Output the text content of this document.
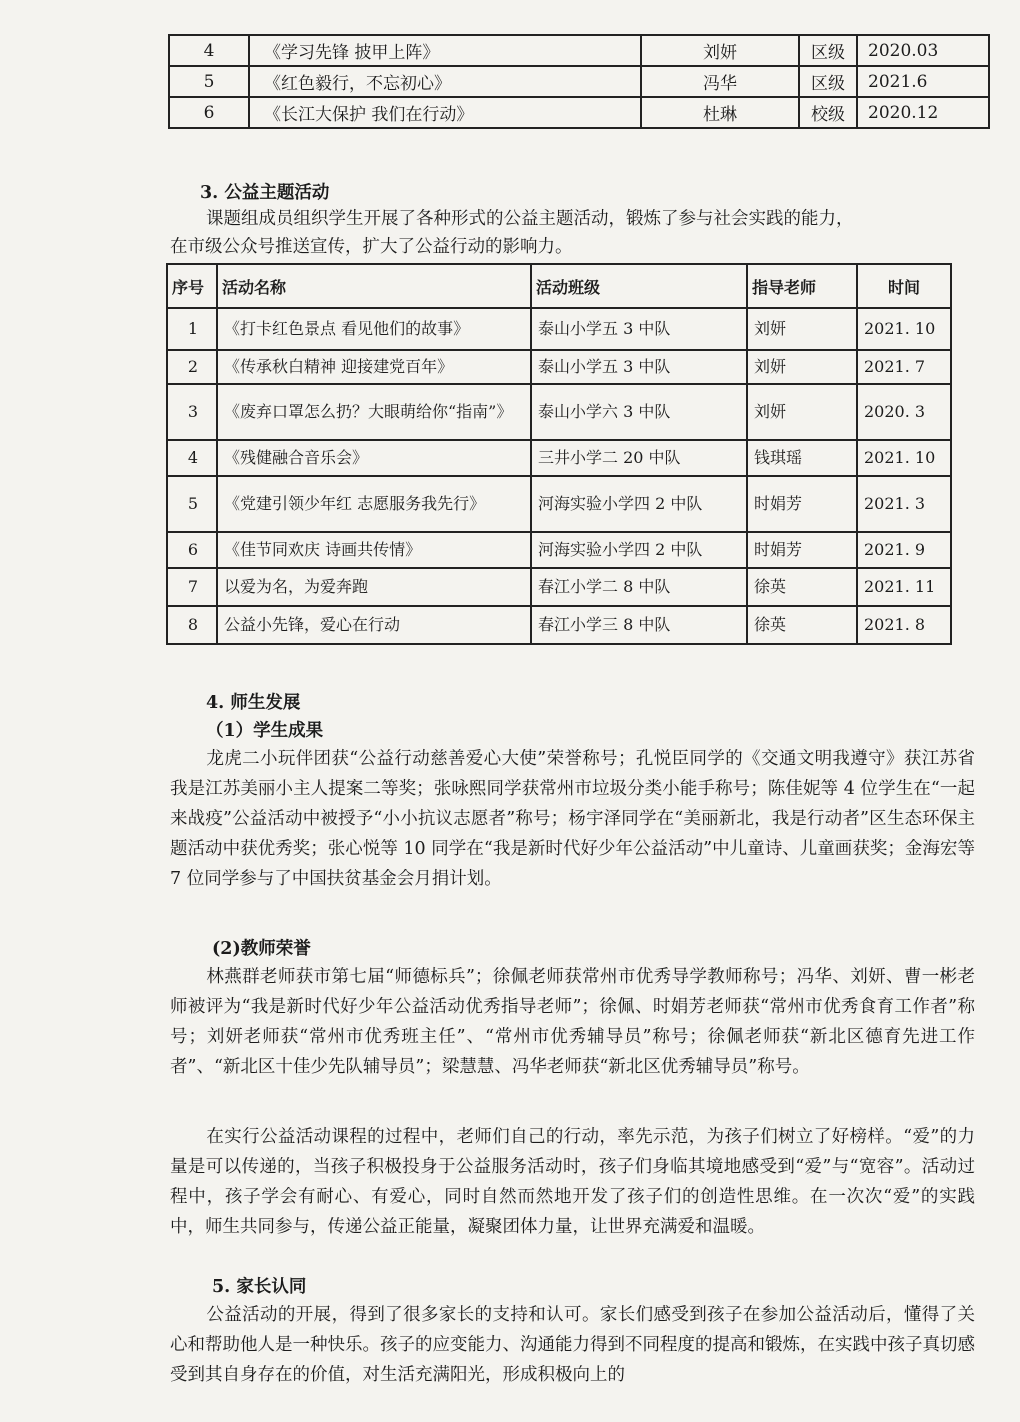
4	《学习先锋 披甲上阵》	刘妍	区级	2020.03
5	《红色毅行，不忘初心》	冯华	区级	2021.6
6	《长江大保护 我们在行动》	杜琳	校级	2020.12
3. 公益主题活动
课题组成员组织学生开展了各种形式的公益主题活动，锻炼了参与社会实践的能力，
在市级公众号推送宣传，扩大了公益行动的影响力。
序号	活动名称	活动班级	指导老师	时间
1	《打卡红色景点 看见他们的故事》	泰山小学五 3 中队	刘妍	2021. 10
2	《传承秋白精神 迎接建党百年》	泰山小学五 3 中队	刘妍	2021. 7
3	《废弃口罩怎么扔？大眼萌给你“指南”》	泰山小学六 3 中队	刘妍	2020. 3
4	《残健融合音乐会》	三井小学二 20 中队	钱琪瑶	2021. 10
5	《党建引领少年红 志愿服务我先行》	河海实验小学四 2 中队	时娟芳	2021. 3
6	《佳节同欢庆 诗画共传情》	河海实验小学四 2 中队	时娟芳	2021. 9
7	以爱为名，为爱奔跑	春江小学二 8 中队	徐英	2021. 11
8	公益小先锋，爱心在行动	春江小学三 8 中队	徐英	2021. 8
4. 师生发展
（1）学生成果
龙虎二小玩伴团获“公益行动慈善爱心大使”荣誉称号；孔悦臣同学的《交通文明我遵守》获江苏省我是江苏美丽小主人提案二等奖；张咏熙同学获常州市垃圾分类小能手称号；陈佳妮等 4 位学生在“一起来战疫”公益活动中被授予“小小抗议志愿者”称号；杨宇泽同学在“美丽新北，我是行动者”区生态环保主题活动中获优秀奖；张心悦等 10 同学在“我是新时代好少年公益活动”中儿童诗、儿童画获奖；金海宏等 7 位同学参与了中国扶贫基金会月捐计划。
(2)教师荣誉
林燕群老师获市第七届“师德标兵”；徐佩老师获常州市优秀导学教师称号；冯华、刘妍、曹一彬老师被评为“我是新时代好少年公益活动优秀指导老师”；徐佩、时娟芳老师获“常州市优秀食育工作者”称号；刘妍老师获“常州市优秀班主任”、“常州市优秀辅导员”称号；徐佩老师获“新北区德育先进工作者”、“新北区十佳少先队辅导员”；梁慧慧、冯华老师获“新北区优秀辅导员”称号。
在实行公益活动课程的过程中，老师们自己的行动，率先示范，为孩子们树立了好榜样。“爱”的力量是可以传递的，当孩子积极投身于公益服务活动时，孩子们身临其境地感受到“爱”与“宽容”。活动过程中，孩子学会有耐心、有爱心，同时自然而然地开发了孩子们的创造性思维。在一次次“爱”的实践中，师生共同参与，传递公益正能量，凝聚团体力量，让世界充满爱和温暖。
5. 家长认同
公益活动的开展，得到了很多家长的支持和认可。家长们感受到孩子在参加公益活动后，懂得了关心和帮助他人是一种快乐。孩子的应变能力、沟通能力得到不同程度的提高和锻炼，在实践中孩子真切感受到其自身存在的价值，对生活充满阳光，形成积极向上的
